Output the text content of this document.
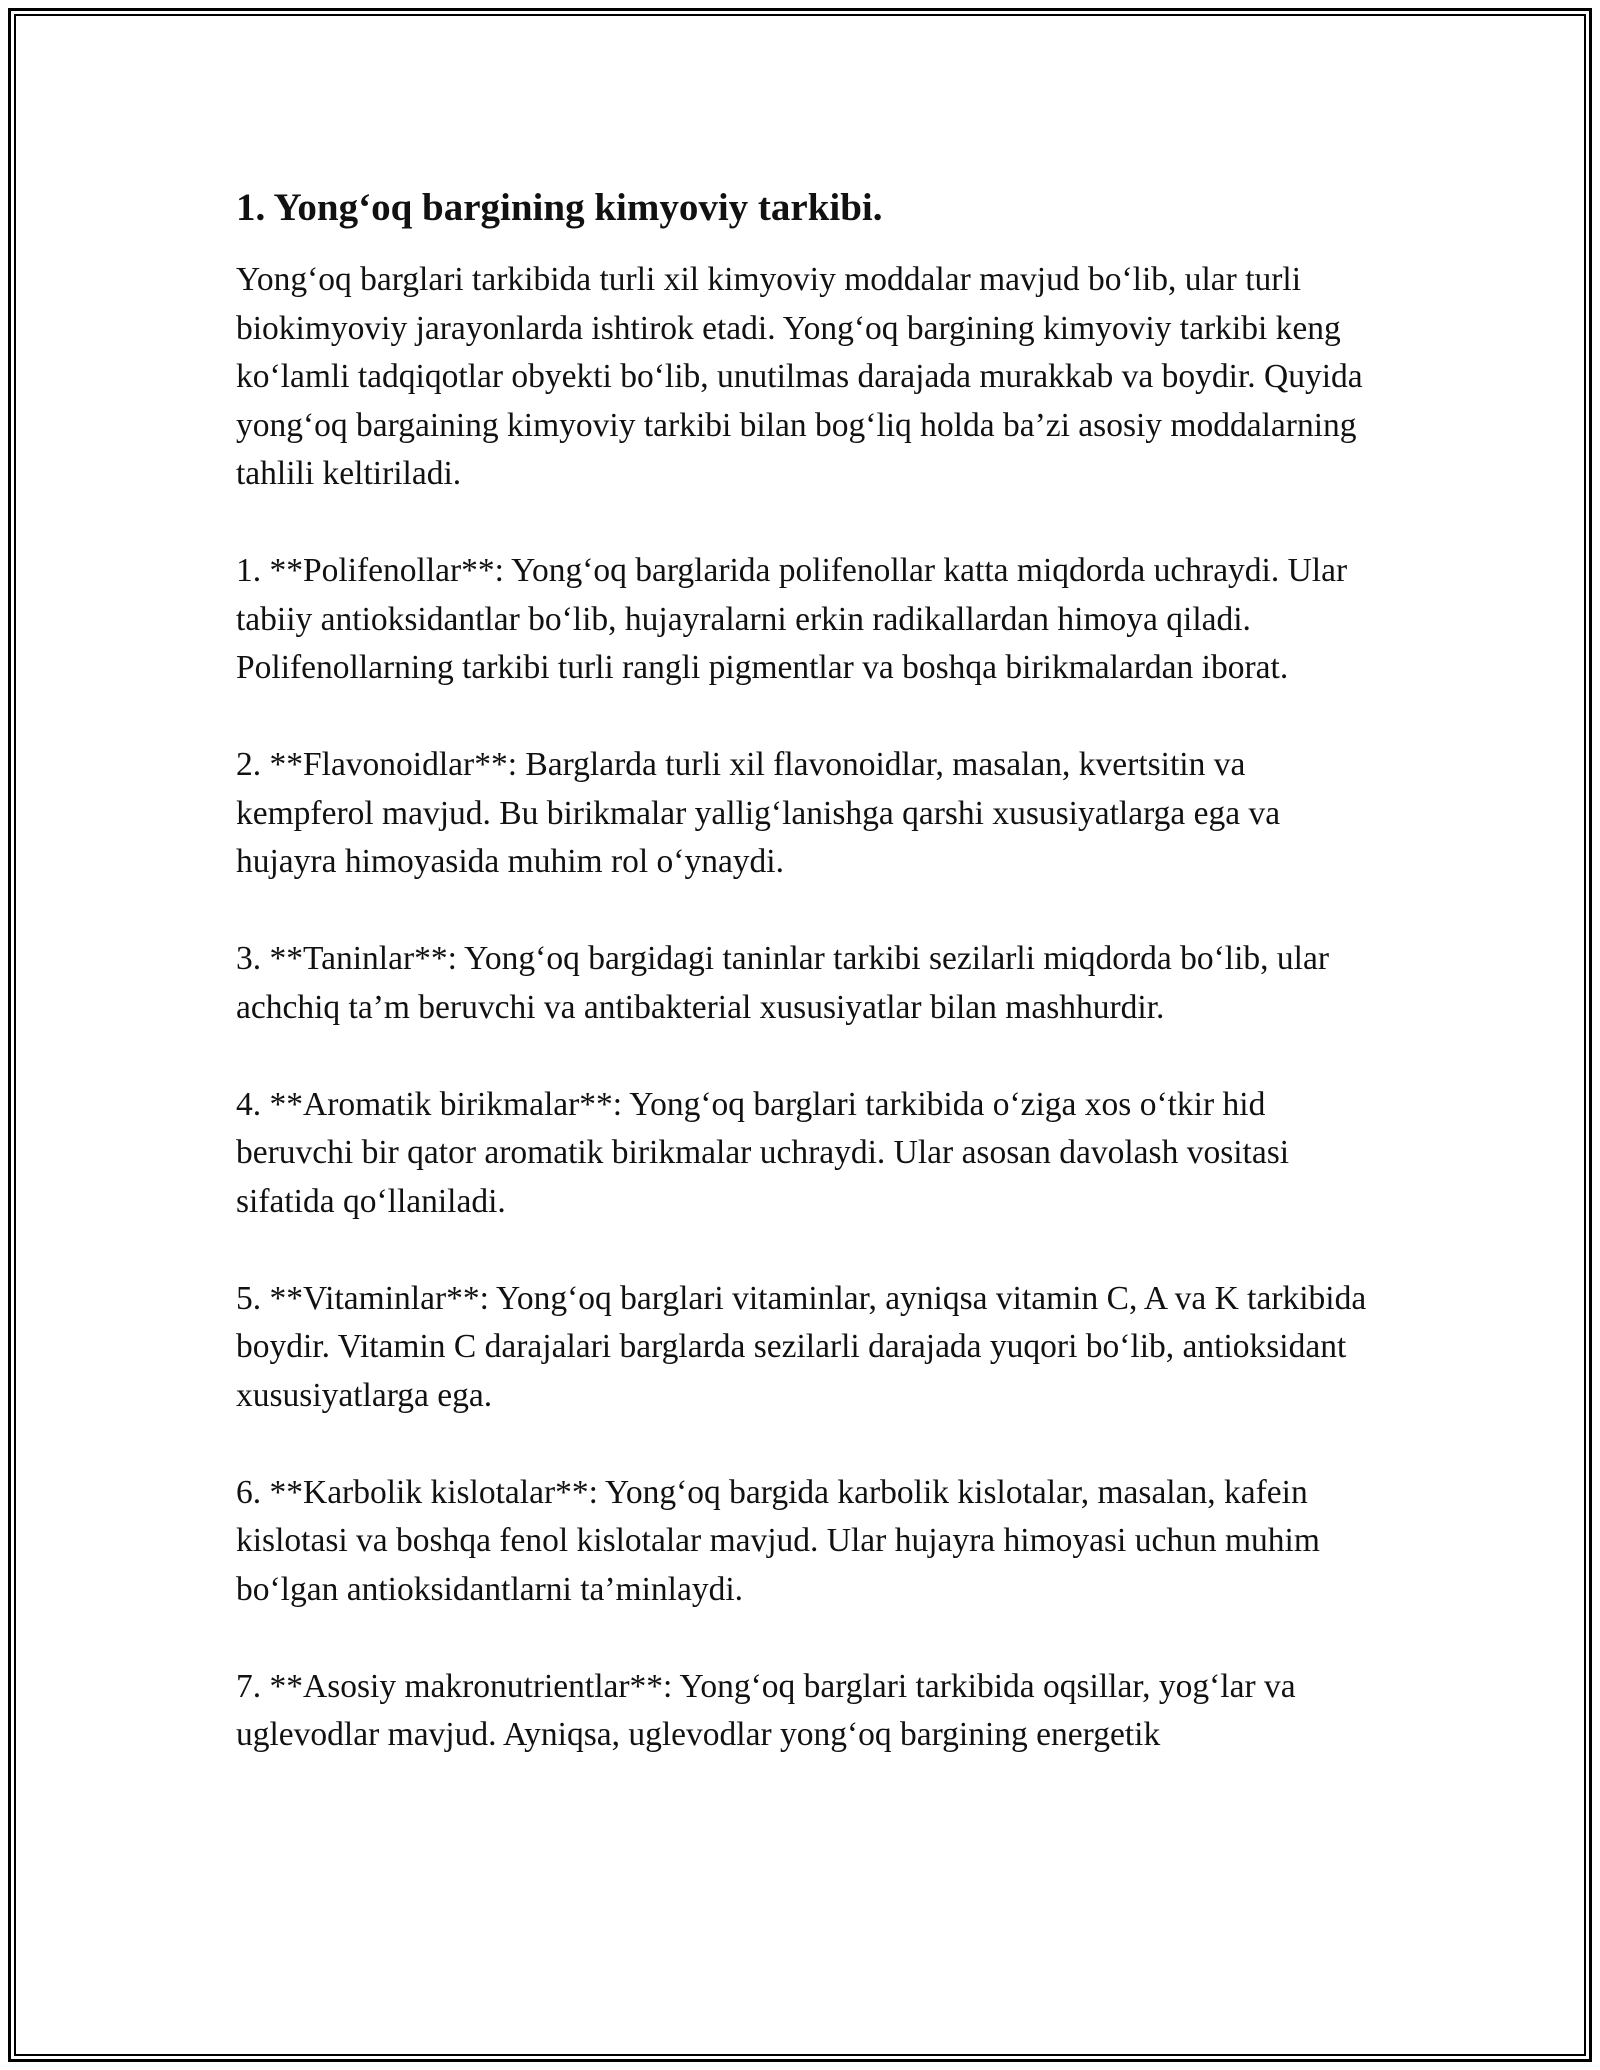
1. Yong‘oq bargining kimyoviy tarkibi.

Yong‘oq barglari tarkibida turli xil kimyoviy moddalar mavjud bo‘lib, ular turli biokimyoviy jarayonlarda ishtirok etadi. Yong‘oq bargining kimyoviy tarkibi keng ko‘lamli tadqiqotlar obyekti bo‘lib, unutilmas darajada murakkab va boydir. Quyida yong‘oq bargaining kimyoviy tarkibi bilan bog‘liq holda ba’zi asosiy moddalarning tahlili keltiriladi.

1. **Polifenollar**: Yong‘oq barglarida polifenollar katta miqdorda uchraydi. Ular tabiiy antioksidantlar bo‘lib, hujayralarni erkin radikallardan himoya qiladi. Polifenollarning tarkibi turli rangli pigmentlar va boshqa birikmalardan iborat.

2. **Flavonoidlar**: Barglarda turli xil flavonoidlar, masalan, kvertsitin va kempferol mavjud. Bu birikmalar yallig‘lanishga qarshi xususiyatlarga ega va hujayra himoyasida muhim rol o‘ynaydi.

3. **Taninlar**: Yong‘oq bargidagi taninlar tarkibi sezilarli miqdorda bo‘lib, ular achchiq ta’m beruvchi va antibakterial xususiyatlar bilan mashhurdir.

4. **Aromatik birikmalar**: Yong‘oq barglari tarkibida o‘ziga xos o‘tkir hid beruvchi bir qator aromatik birikmalar uchraydi. Ular asosan davolash vositasi sifatida qo‘llaniladi.

5. **Vitaminlar**: Yong‘oq barglari vitaminlar, ayniqsa vitamin C, A va K tarkibida boydir. Vitamin C darajalari barglarda sezilarli darajada yuqori bo‘lib, antioksidant xususiyatlarga ega.

6. **Karbolik kislotalar**: Yong‘oq bargida karbolik kislotalar, masalan, kafein kislotasi va boshqa fenol kislotalar mavjud. Ular hujayra himoyasi uchun muhim bo‘lgan antioksidantlarni ta’minlaydi.

7. **Asosiy makronutrientlar**: Yong‘oq barglari tarkibida oqsillar, yog‘lar va uglevodlar mavjud. Ayniqsa, uglevodlar yong‘oq bargining energetik
